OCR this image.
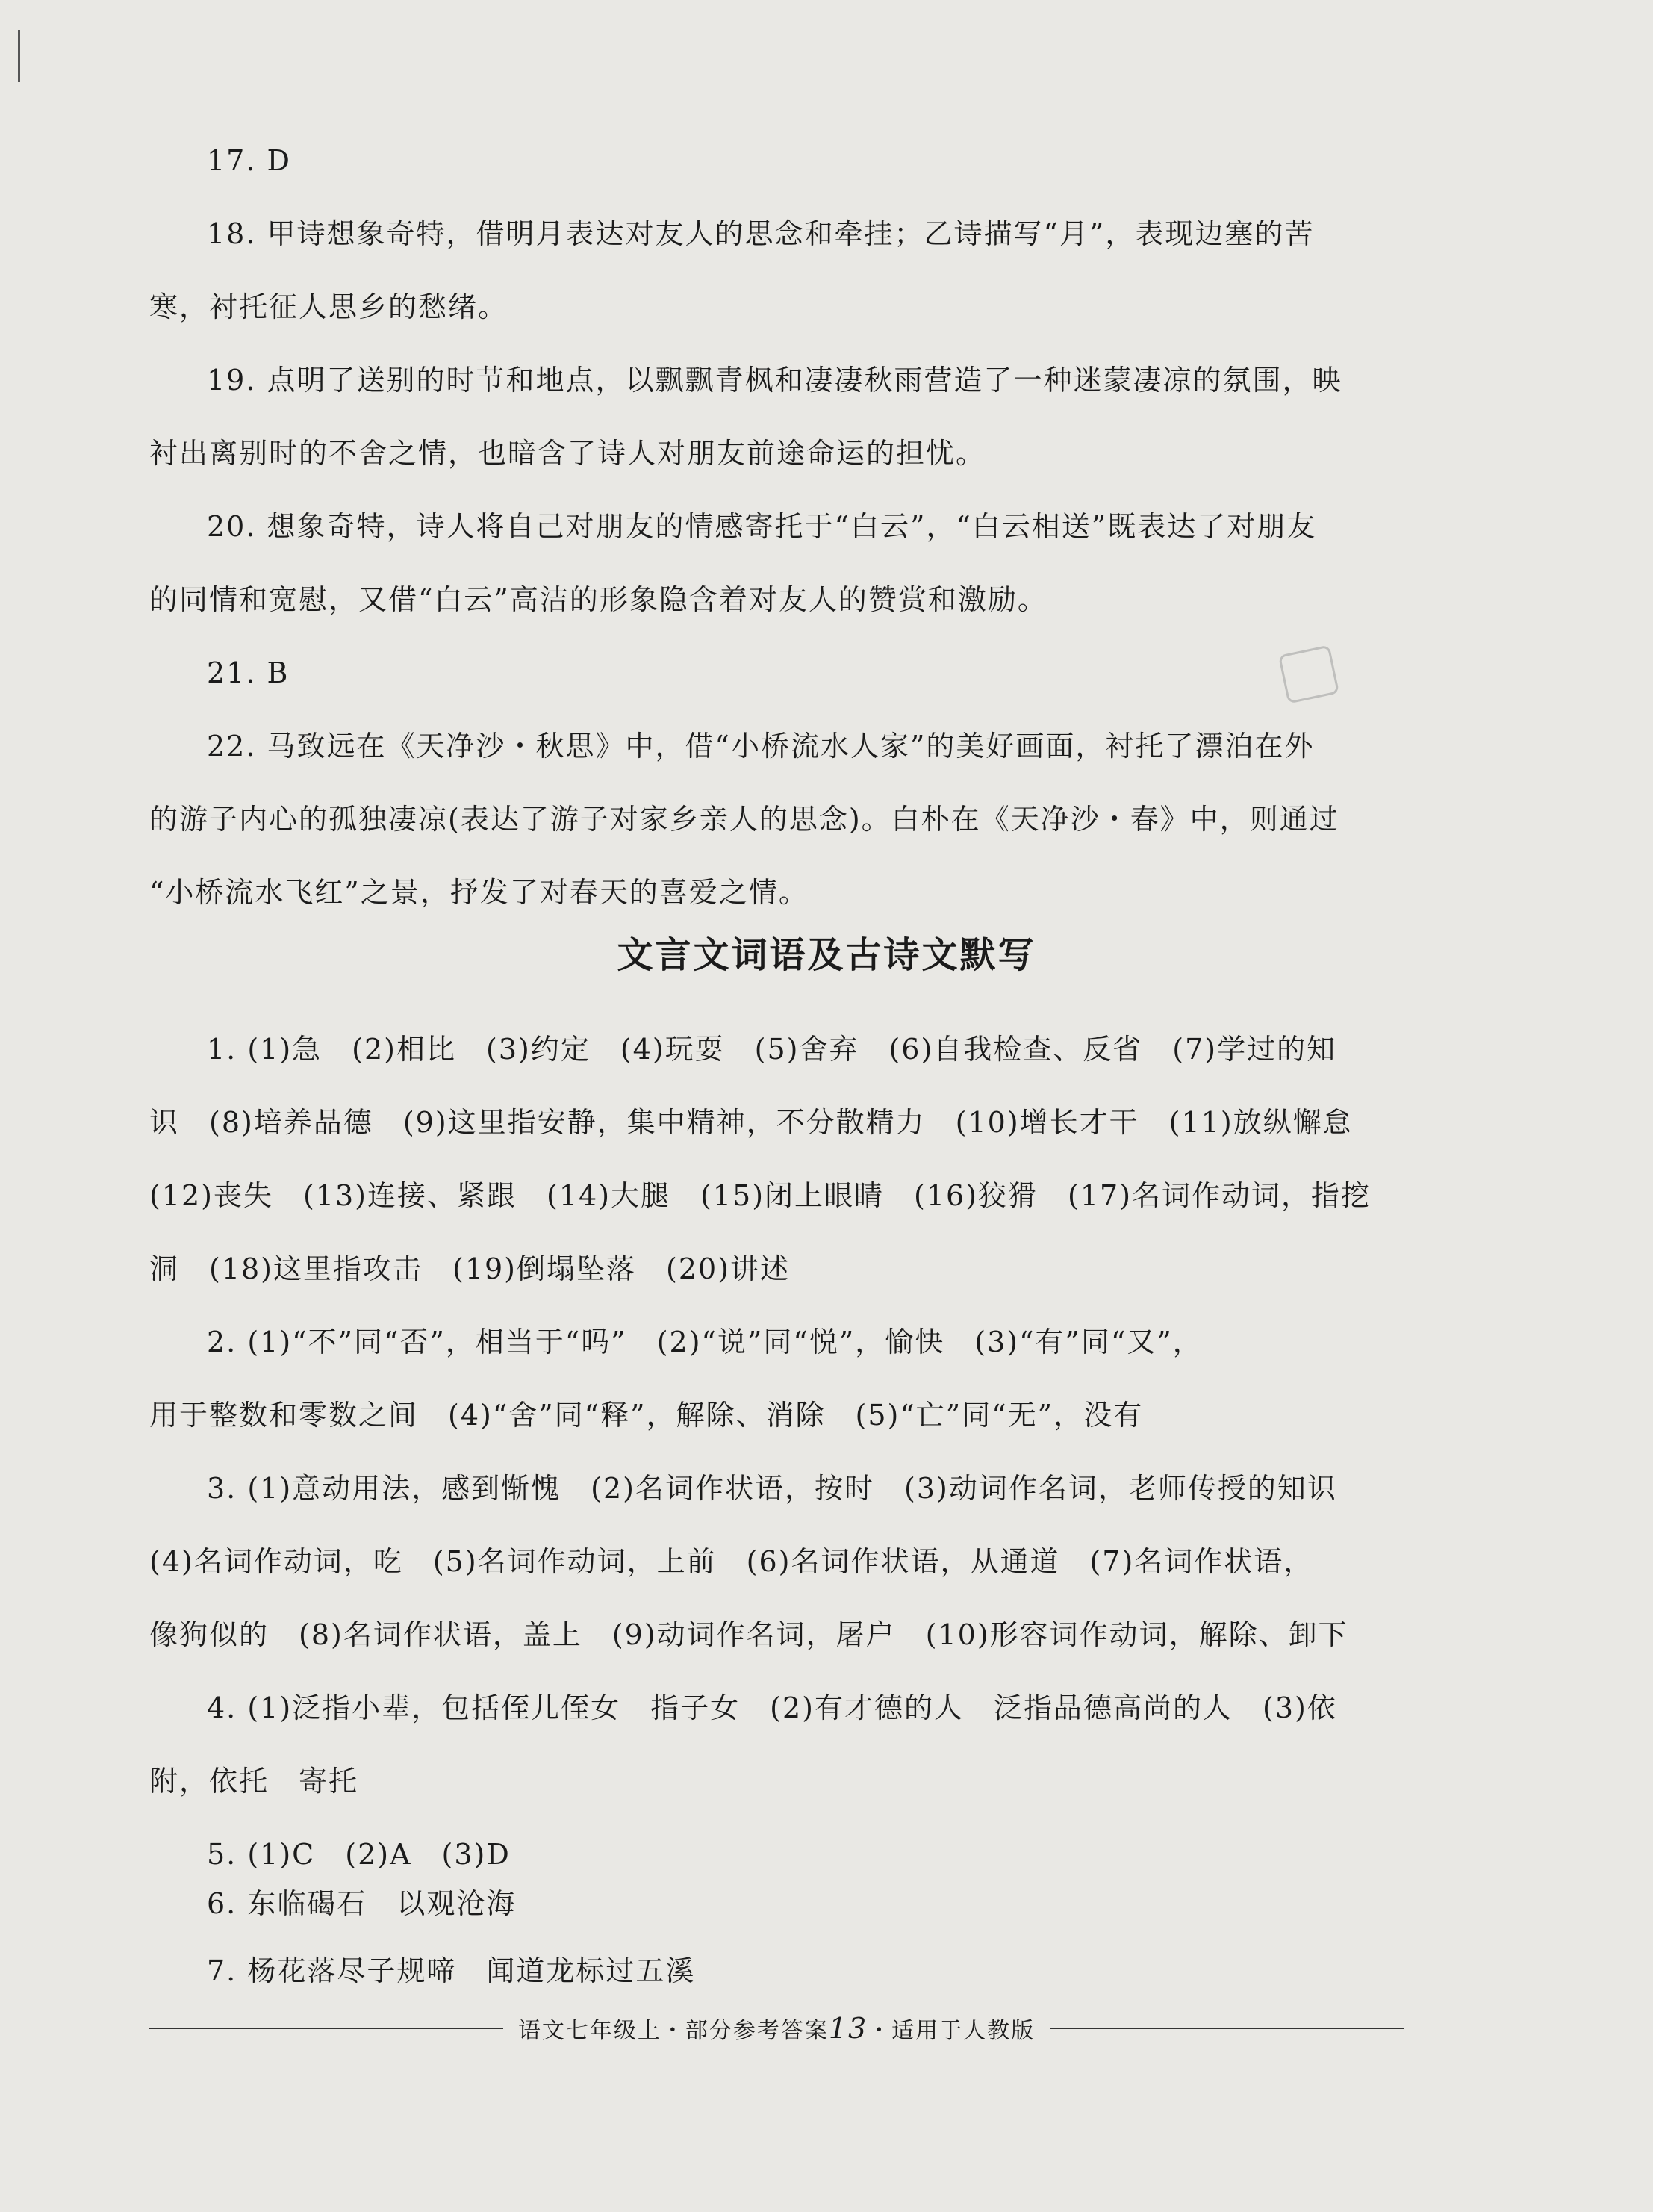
17. D

18. 甲诗想象奇特，借明月表达对友人的思念和牵挂；乙诗描写“月”，表现边塞的苦
寒，衬托征人思乡的愁绪。

19. 点明了送别的时节和地点，以飘飘青枫和凄凄秋雨营造了一种迷蒙凄凉的氛围，映
衬出离别时的不舍之情，也暗含了诗人对朋友前途命运的担忧。

20. 想象奇特，诗人将自己对朋友的情感寄托于“白云”，“白云相送”既表达了对朋友
的同情和宽慰，又借“白云”高洁的形象隐含着对友人的赞赏和激励。

21. B

22. 马致远在《天净沙・秋思》中，借“小桥流水人家”的美好画面，衬托了漂泊在外
的游子内心的孤独凄凉(表达了游子对家乡亲人的思念)。白朴在《天净沙・春》中，则通过
“小桥流水飞红”之景，抒发了对春天的喜爱之情。

文言文词语及古诗文默写

1. (1)急　(2)相比　(3)约定　(4)玩耍　(5)舍弃　(6)自我检查、反省　(7)学过的知
识　(8)培养品德　(9)这里指安静，集中精神，不分散精力　(10)增长才干　(11)放纵懈怠
(12)丧失　(13)连接、紧跟　(14)大腿　(15)闭上眼睛　(16)狡猾　(17)名词作动词，指挖
洞　(18)这里指攻击　(19)倒塌坠落　(20)讲述

2. (1)“不”同“否”，相当于“吗”　(2)“说”同“悦”，愉快　(3)“有”同“又”，
用于整数和零数之间　(4)“舍”同“释”，解除、消除　(5)“亡”同“无”，没有

3. (1)意动用法，感到惭愧　(2)名词作状语，按时　(3)动词作名词，老师传授的知识
(4)名词作动词，吃　(5)名词作动词，上前　(6)名词作状语，从通道　(7)名词作状语，
像狗似的　(8)名词作状语，盖上　(9)动词作名词，屠户　(10)形容词作动词，解除、卸下

4. (1)泛指小辈，包括侄儿侄女　指子女　(2)有才德的人　泛指品德高尚的人　(3)依
附，依托　寄托

5. (1)C　(2)A　(3)D

6. 东临碣石　以观沧海

7. 杨花落尽子规啼　闻道龙标过五溪

语文七年级上・部分参考答案13・适用于人教版
